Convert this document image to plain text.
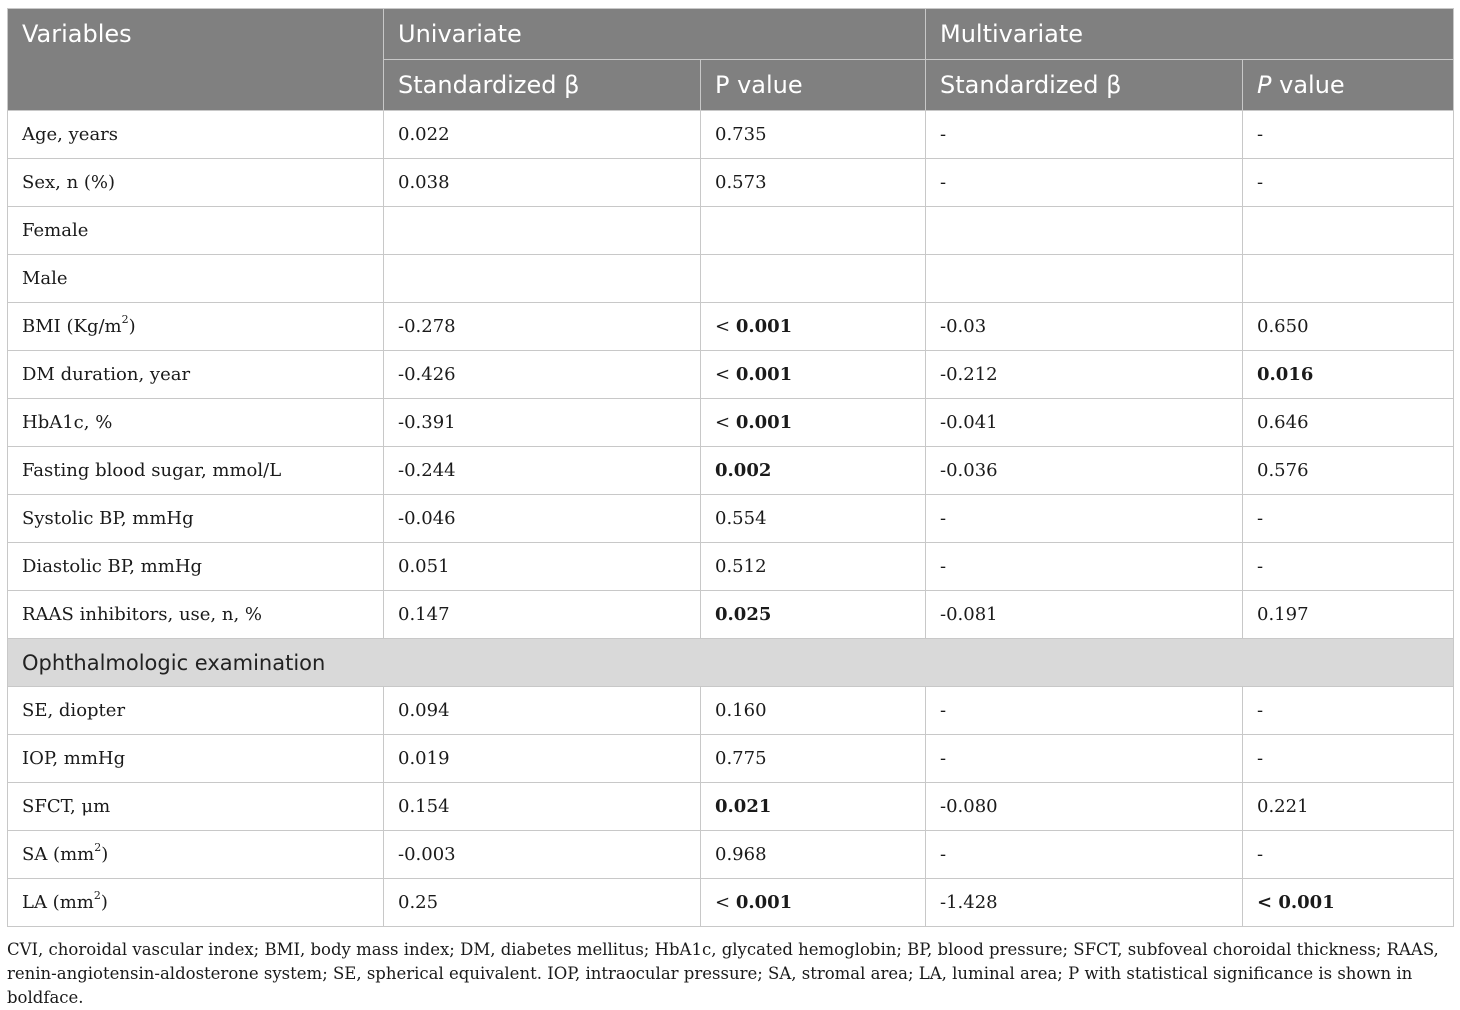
Variables	Univariate		Multivariate	
	Standardized β	P value	Standardized β	P value
Age, years	0.022	0.735	-	-
Sex, n (%)	0.038	0.573	-	-
Female				
Male				
BMI $(Kg/m^2)$	-0.278	< 0.001	-0.03	0.650
DM duration, year	-0.426	< 0.001	-0.212	0.016
HbA1c, %	-0.391	< 0.001	-0.041	0.646
Fasting blood sugar, mmol/L	-0.244	0.002	-0.036	0.576
Systolic BP, mmHg	-0.046	0.554	-	-
Diastolic BP, mmHg	0.051	0.512	-	-
RAAS inhibitors, use, n, %	0.147	0.025	-0.081	0.197
Ophthalmologic examination				
SE, diopter	0.094	0.160	-	-
IOP, mmHg	0.019	0.775	-	-
SFCT, μm	0.154	0.021	-0.080	0.221
SA $(mm^2)$	-0.003	0.968	-	-
LA $(mm^2)$	0.25	< 0.001	-1.428	< 0.001
CVI, choroidal vascular index; BMI, body mass index; DM, diabetes mellitus; HbA1c, glycated hemoglobin; BP, blood pressure; SFCT, subfoveal choroidal thickness; RAAS, renin-angiotensin-aldosterone system; SE, spherical equivalent. IOP, intraocular pressure; SA, stromal area; LA, luminal area; P with statistical significance is shown in boldface.
